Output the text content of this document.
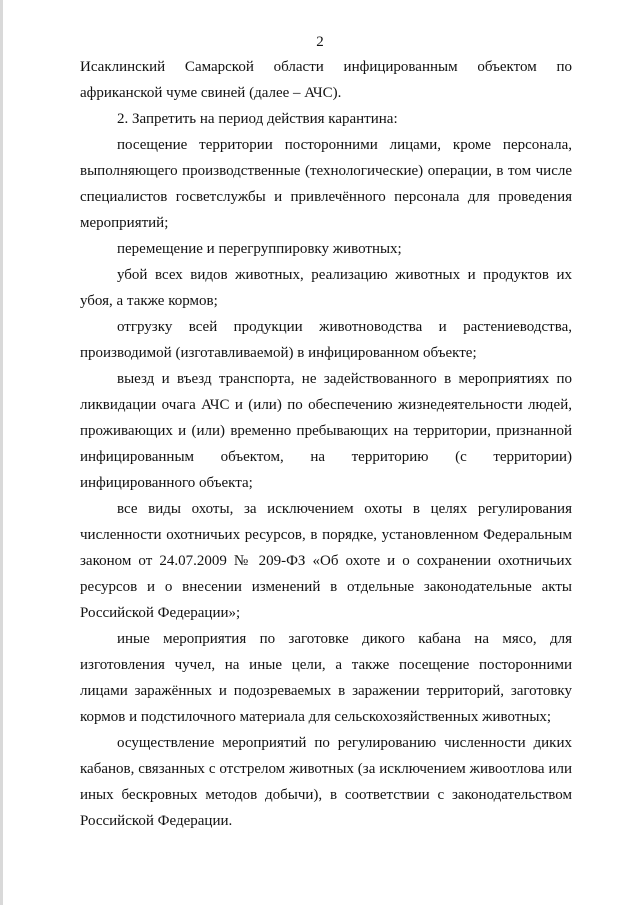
2

Исаклинский Самарской области инфицированным объектом по африканской чуме свиней (далее – АЧС).

2. Запретить на период действия карантина:

посещение территории посторонними лицами, кроме персонала, выполняющего производственные (технологические) операции, в том числе специалистов госветслужбы и привлечённого персонала для проведения мероприятий;

перемещение и перегруппировку животных;

убой всех видов животных, реализацию животных и продуктов их убоя, а также кормов;

отгрузку всей продукции животноводства и растениеводства, производимой (изготавливаемой) в инфицированном объекте;

выезд и въезд транспорта, не задействованного в мероприятиях по ликвидации очага АЧС и (или) по обеспечению жизнедеятельности людей, проживающих и (или) временно пребывающих на территории, признанной инфицированным объектом, на территорию (с территории) инфицированного объекта;

все виды охоты, за исключением охоты в целях регулирования численности охотничьих ресурсов, в порядке, установленном Федеральным законом от 24.07.2009 № 209-ФЗ «Об охоте и о сохранении охотничьих ресурсов и о внесении изменений в отдельные законодательные акты Российской Федерации»;

иные мероприятия по заготовке дикого кабана на мясо, для изготовления чучел, на иные цели, а также посещение посторонними лицами заражённых и подозреваемых в заражении территорий, заготовку кормов и подстилочного материала для сельскохозяйственных животных;

осуществление мероприятий по регулированию численности диких кабанов, связанных с отстрелом животных (за исключением живоотлова или иных бескровных методов добычи), в соответствии с законодательством Российской Федерации.
